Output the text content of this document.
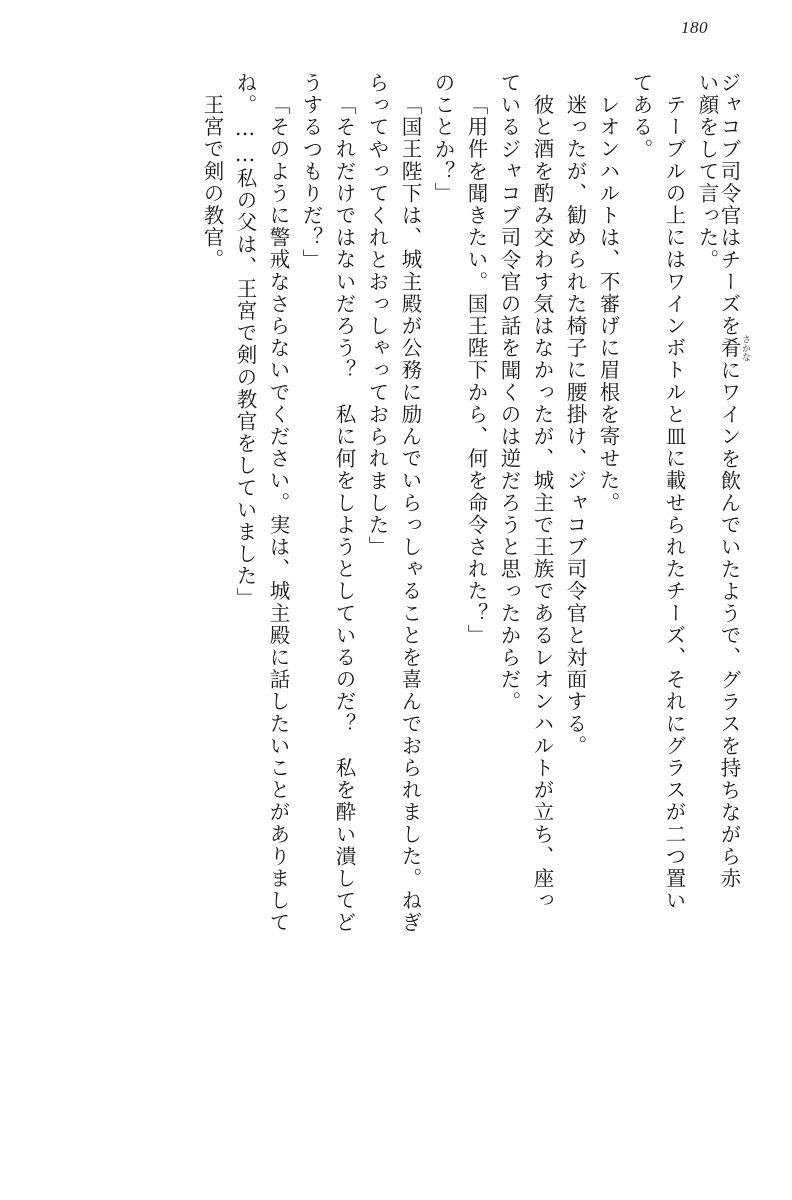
180
ジャコブ司令官はチーズを肴 さかなにワインを飲んでいたようで、グラスを持ちながら赤
い顔をして言った。
テーブルの上にはワインボトルと皿に載せられたチーズ、それにグラスが二つ置い
てある。
レオンハルトは、不審げに眉根を寄せた。
迷ったが、勧められた椅子に腰掛け、ジャコブ司令官と対面する。
彼と酒を酌み交わす気はなかったが、城主で王族であるレオンハルトが立ち、座っ
ているジャコブ司令官の話を聞くのは逆だろうと思ったからだ。
「用件を聞きたい。国王陛下から、何を命令された？」
のことか？」
「国王陛下は、城主殿が公務に励んでいらっしゃることを喜んでおられました。ねぎ
らってやってくれとおっしゃっておられました」
「それだけではないだろう？　私に何をしようとしているのだ？　私を酔い潰してど
うするつもりだ？」
「そのように警戒なさらないでください。実は、城主殿に話したいことがありまして
ね。……私の父は、王宮で剣の教官をしていました」
王宮で剣の教官。
